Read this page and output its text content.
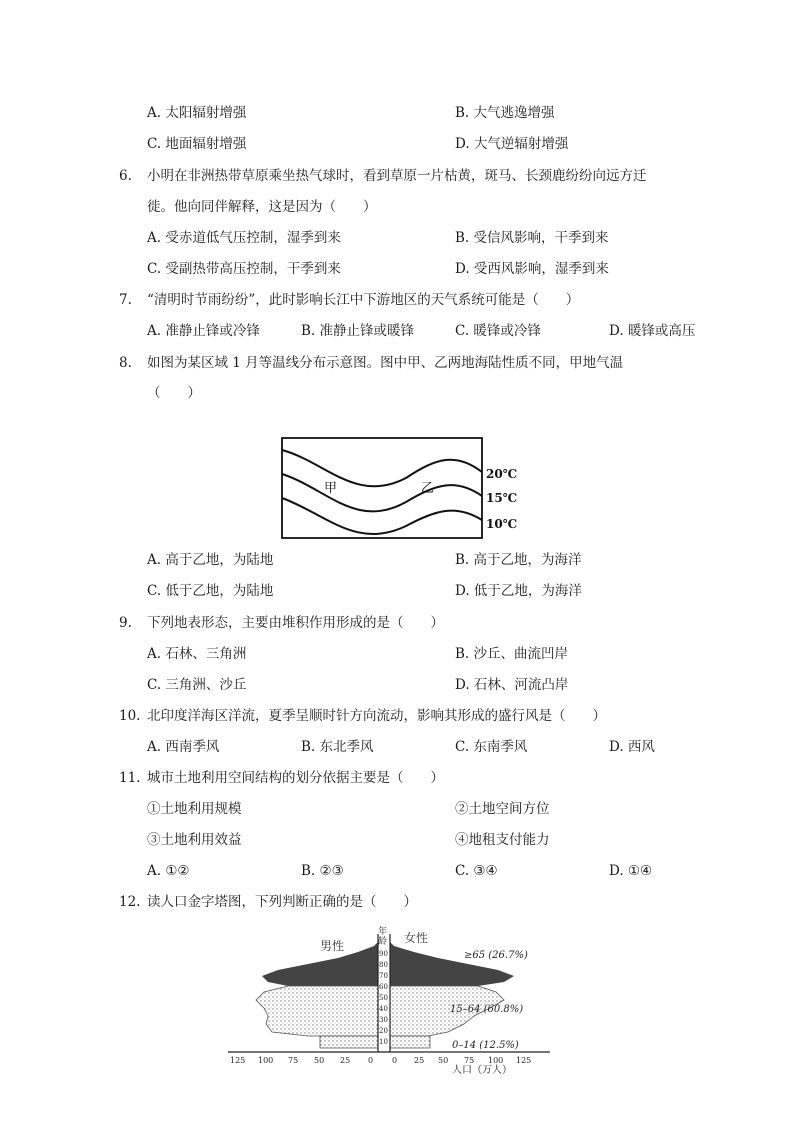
A. 太阳辐射增强	B. 大气逃逸增强
C. 地面辐射增强	D. 大气逆辐射增强
6. 小明在非洲热带草原乘坐热气球时，看到草原一片枯黄，斑马、长颈鹿纷纷向远方迁
徙。他向同伴解释，这是因为（　　）
A. 受赤道低气压控制，湿季到来	B. 受信风影响，干季到来
C. 受副热带高压控制，干季到来	D. 受西风影响，湿季到来
7. “清明时节雨纷纷”，此时影响长江中下游地区的天气系统可能是（　　）
A. 准静止锋或冷锋	B. 准静止锋或暖锋	C. 暖锋或冷锋	D. 暖锋或高压
8. 如图为某区域 1 月等温线分布示意图。图中甲、乙两地海陆性质不同，甲地气温
（　　）
甲	乙
20℃
15℃
10℃
A. 高于乙地，为陆地	B. 高于乙地，为海洋
C. 低于乙地，为陆地	D. 低于乙地，为海洋
9. 下列地表形态，主要由堆积作用形成的是（　　）
A. 石林、三角洲	B. 沙丘、曲流凹岸
C. 三角洲、沙丘	D. 石林、河流凸岸
10. 北印度洋海区洋流，夏季呈顺时针方向流动，影响其形成的盛行风是（　　）
A. 西南季风	B. 东北季风	C. 东南季风	D. 西风
11. 城市土地利用空间结构的划分依据主要是（　　）
①土地利用规模	②土地空间方位
③土地利用效益	④地租支付能力
A. ①②	B. ②③	C. ③④	D. ①④
12. 读人口金字塔图，下列判断正确的是（　　）
年
龄
90
80
70
60
50
40
30
20
10
男性
女性
≥65 (26.7%)
15–64 (60.8%)
0–14 (12.5%)
125 100 75 50 25 0 0 25 50 75 100 125
人口（万人）
